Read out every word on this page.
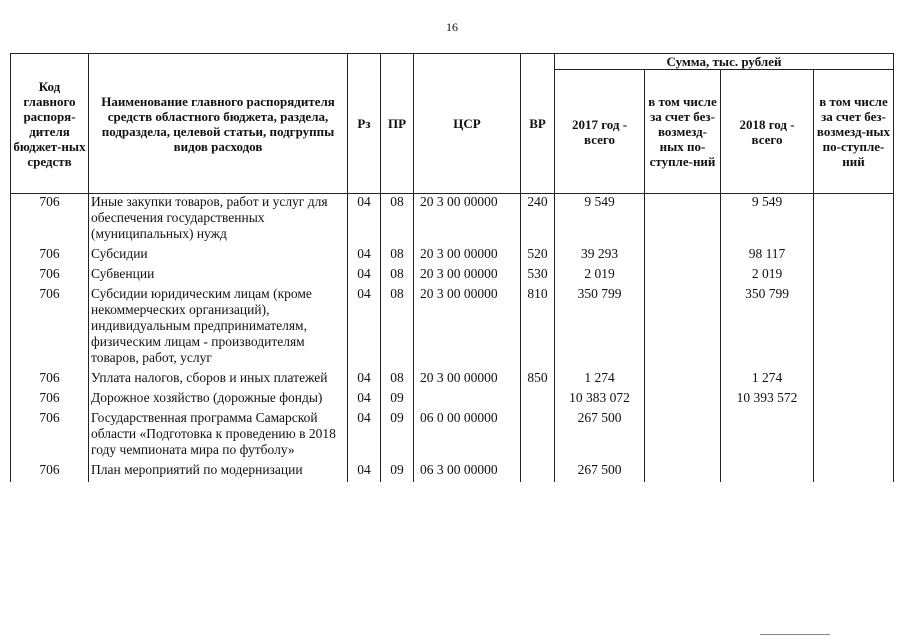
16
Код главного распоря-дителя бюджет-ных средств	Наименование главного распорядителя средств областного бюджета, раздела, подраздела, целевой статьи, подгруппы видов расходов	Рз	ПР	ЦСР	ВР	Сумма, тыс. рублей			
						2017 год - всего	в том числе за счет без-возмезд-ных по-ступле-ний	2018 год - всего	в том числе за счет без-возмезд-ных по-ступле-ний
706	Иные закупки товаров, работ и услуг для обеспечения государственных (муниципальных) нужд	04	08	20 3 00 00000	240	9 549		9 549	
706	Субсидии	04	08	20 3 00 00000	520	39 293		98 117	
706	Субвенции	04	08	20 3 00 00000	530	2 019		2 019	
706	Субсидии юридическим лицам (кроме некоммерческих организаций), индивидуальным предпринимателям, физическим лицам - производителям товаров, работ, услуг	04	08	20 3 00 00000	810	350 799		350 799	
706	Уплата налогов, сборов и иных платежей	04	08	20 3 00 00000	850	1 274		1 274	
706	Дорожное хозяйство (дорожные фонды)	04	09			10 383 072		10 393 572	
706	Государственная программа Самарской области «Подготовка к проведению в 2018 году чемпионата мира по футболу»	04	09	06 0 00 00000		267 500			
706	План мероприятий по модернизации	04	09	06 3 00 00000		267 500			
